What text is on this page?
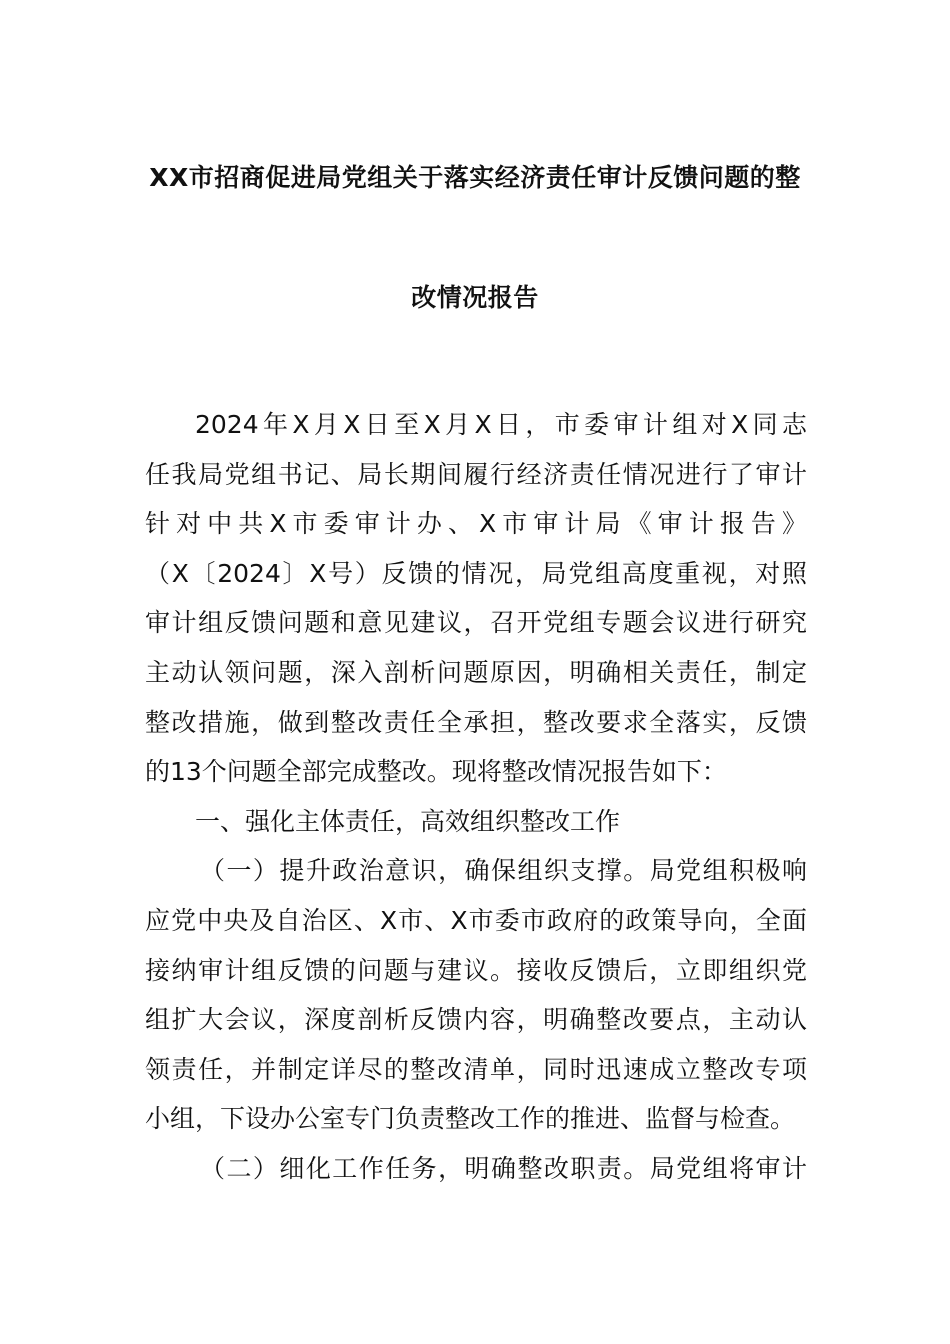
XX市招商促进局党组关于落实经济责任审计反馈问题的整
改情况报告
2024年X月X日至X月X日，市委审计组对X同志
任我局党组书记、局长期间履行经济责任情况进行了审计
针对中共X市委审计办、X市审计局《审计报告》
（X〔2024〕X号）反馈的情况，局党组高度重视，对照
审计组反馈问题和意见建议，召开党组专题会议进行研究
主动认领问题，深入剖析问题原因，明确相关责任，制定
整改措施，做到整改责任全承担，整改要求全落实，反馈
的13个问题全部完成整改。现将整改情况报告如下：
一、强化主体责任，高效组织整改工作
（一）提升政治意识，确保组织支撑。局党组积极响
应党中央及自治区、X市、X市委市政府的政策导向，全面
接纳审计组反馈的问题与建议。接收反馈后，立即组织党
组扩大会议，深度剖析反馈内容，明确整改要点，主动认
领责任，并制定详尽的整改清单，同时迅速成立整改专项
小组，下设办公室专门负责整改工作的推进、监督与检查。
（二）细化工作任务，明确整改职责。局党组将审计
